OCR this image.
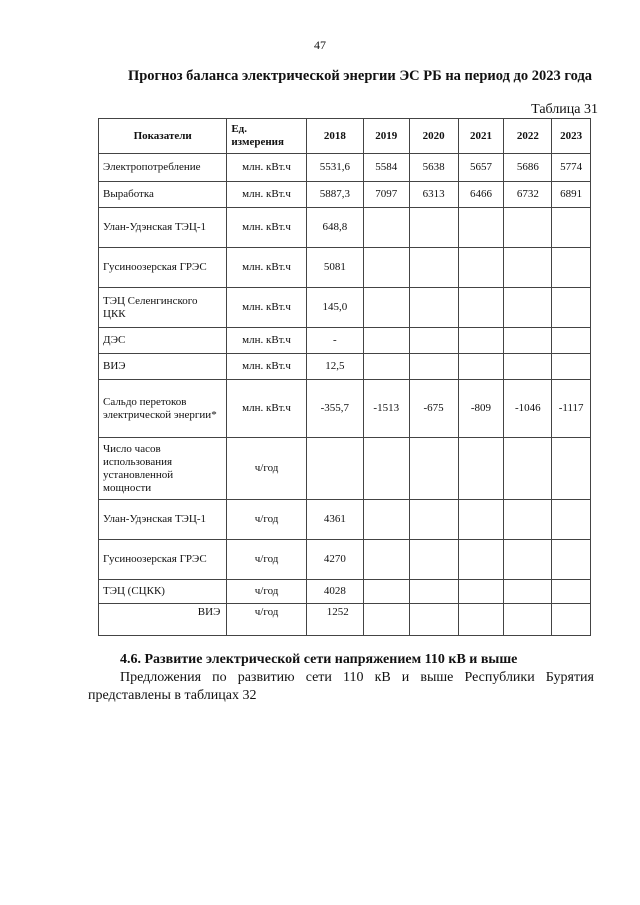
47
Прогноз баланса электрической энергии ЭС РБ на период до 2023 года
Таблица 31
Показатели	Ед. измерения	2018	2019	2020	2021	2022	2023
Электропотребление	млн. кВт.ч	5531,6	5584	5638	5657	5686	5774
Выработка	млн. кВт.ч	5887,3	7097	6313	6466	6732	6891
Улан-Удэнская ТЭЦ-1	млн. кВт.ч	648,8					
Гусиноозерская ГРЭС	млн. кВт.ч	5081					
ТЭЦ Селенгинского ЦКК	млн. кВт.ч	145,0					
ДЭС	млн. кВт.ч	-					
ВИЭ	млн. кВт.ч	12,5					
Сальдо перетоков электрической энергии*	млн. кВт.ч	-355,7	-1513	-675	-809	-1046	-1117
Число часов использования установленной мощности	ч/год						
Улан-Удэнская ТЭЦ-1	ч/год	4361					
Гусиноозерская ГРЭС	ч/год	4270					
ТЭЦ (СЦКК)	ч/год	4028					
ВИЭ	ч/год	1252					
4.6. Развитие электрической сети напряжением 110 кВ и выше
Предложения по развитию сети 110 кВ и выше Республики Бурятия
представлены в таблицах 32
